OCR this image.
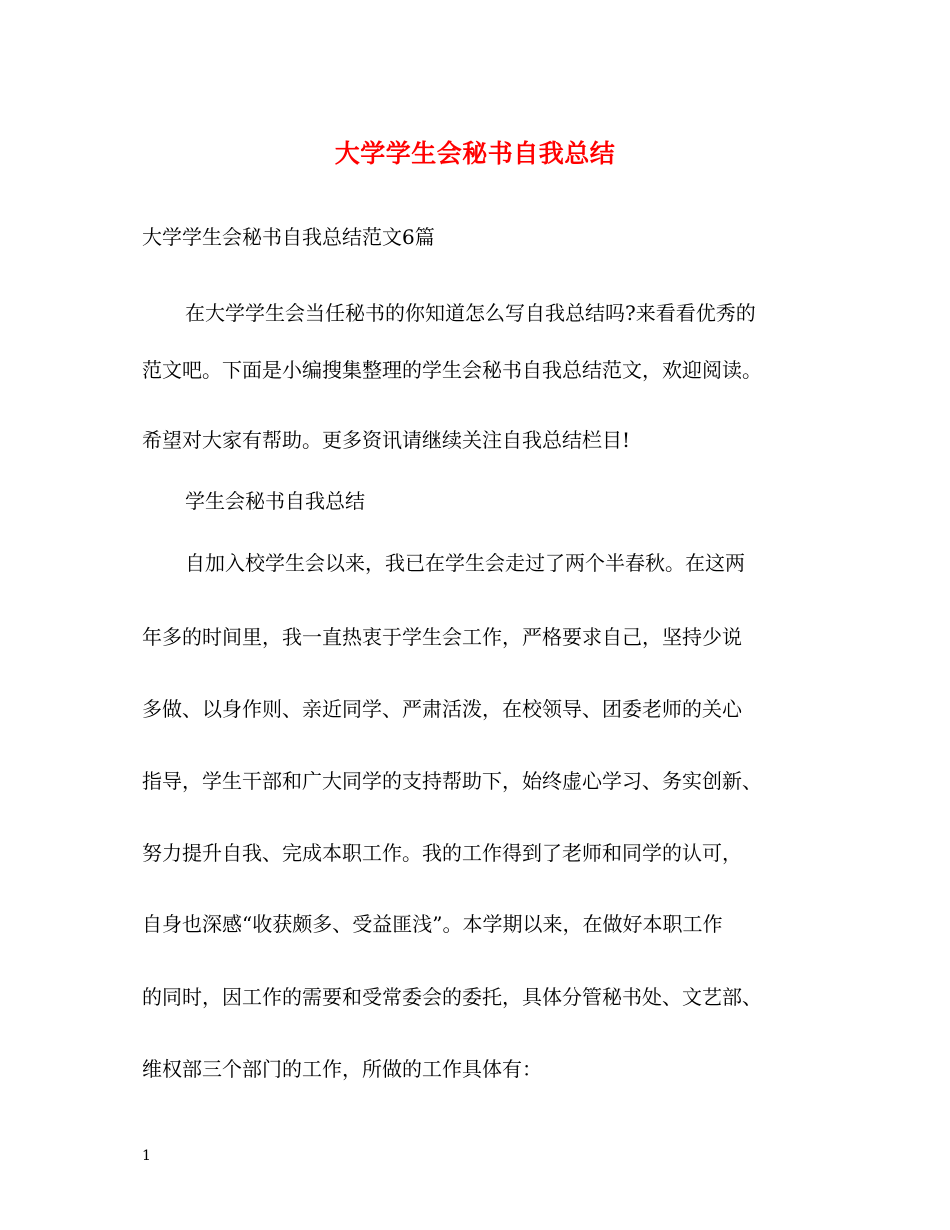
大学学生会秘书自我总结
大学学生会秘书自我总结范文6篇
在大学学生会当任秘书的你知道怎么写自我总结吗?来看看优秀的
范文吧。下面是小编搜集整理的学生会秘书自我总结范文，欢迎阅读。
希望对大家有帮助。更多资讯请继续关注自我总结栏目!
学生会秘书自我总结
自加入校学生会以来，我已在学生会走过了两个半春秋。在这两
年多的时间里，我一直热衷于学生会工作，严格要求自己，坚持少说
多做、以身作则、亲近同学、严肃活泼，在校领导、团委老师的关心
指导，学生干部和广大同学的支持帮助下，始终虚心学习、务实创新、
努力提升自我、完成本职工作。我的工作得到了老师和同学的认可，
自身也深感“收获颇多、受益匪浅”。本学期以来，在做好本职工作
的同时，因工作的需要和受常委会的委托，具体分管秘书处、文艺部、
维权部三个部门的工作，所做的工作具体有：
1
